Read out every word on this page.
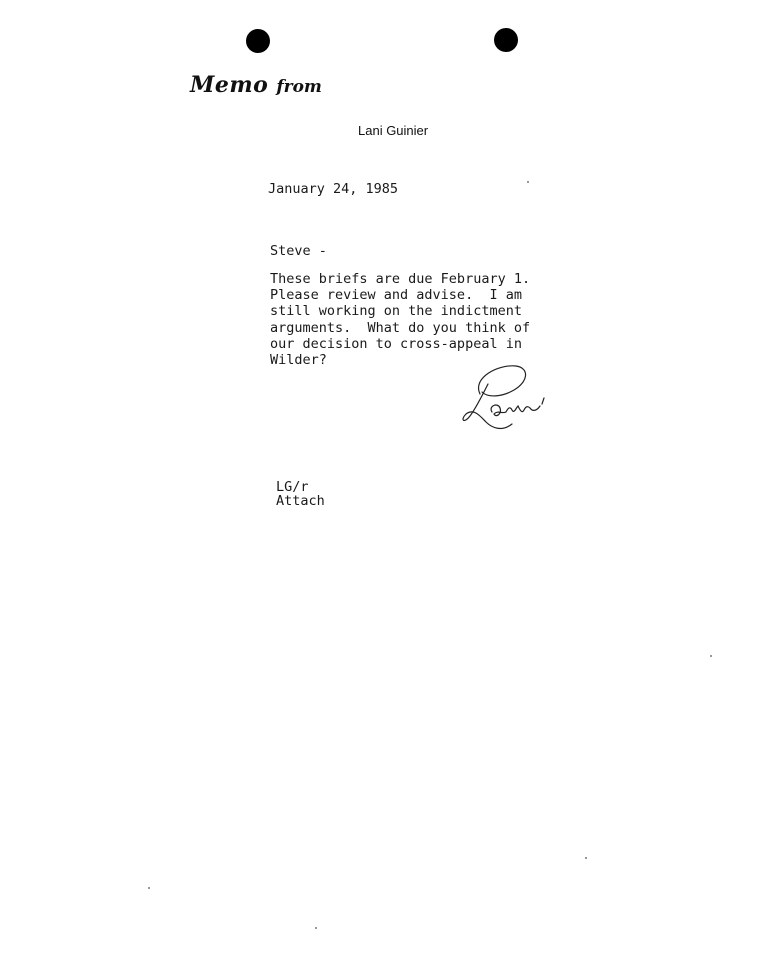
Memo from
Lani Guinier
January 24, 1985
Steve -
These briefs are due February 1.
Please review and advise.  I am
still working on the indictment
arguments.  What do you think of
our decision to cross-appeal in
Wilder?
LG/r
Attach
